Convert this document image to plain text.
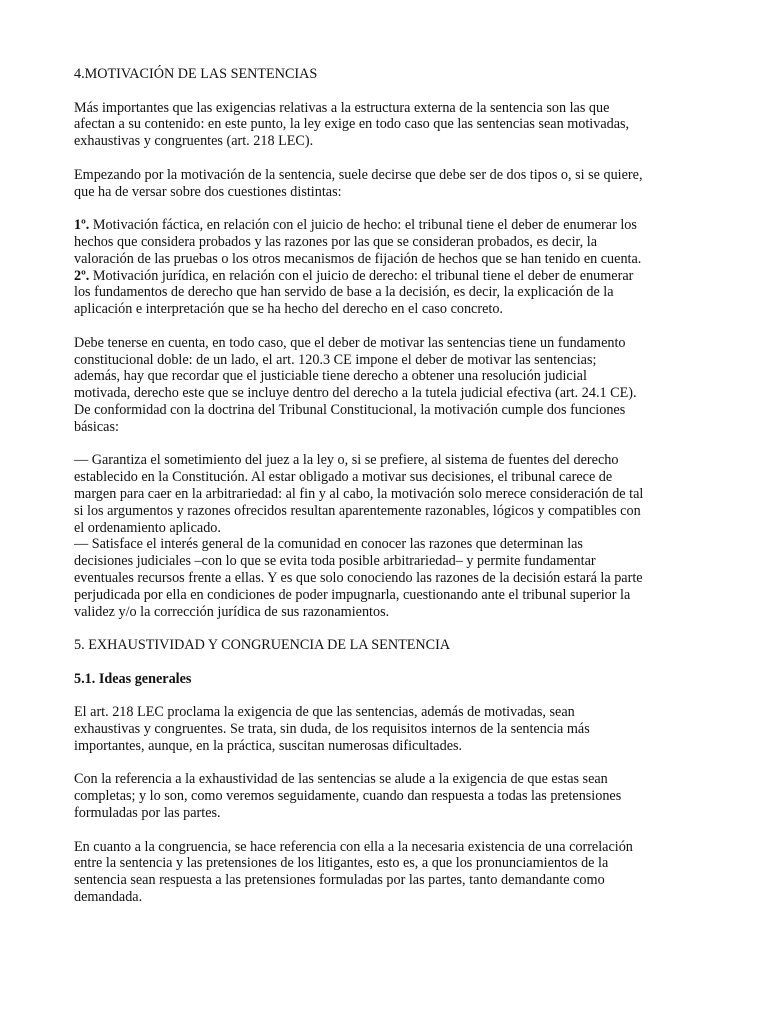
4.MOTIVACIÓN DE LAS SENTENCIAS
Más importantes que las exigencias relativas a la estructura externa de la sentencia son las que
afectan a su contenido: en este punto, la ley exige en todo caso que las sentencias sean motivadas,
exhaustivas y congruentes (art. 218 LEC).
Empezando por la motivación de la sentencia, suele decirse que debe ser de dos tipos o, si se quiere,
que ha de versar sobre dos cuestiones distintas:
1º. Motivación fáctica, en relación con el juicio de hecho: el tribunal tiene el deber de enumerar los
hechos que considera probados y las razones por las que se consideran probados, es decir, la
valoración de las pruebas o los otros mecanismos de fijación de hechos que se han tenido en cuenta.
2º. Motivación jurídica, en relación con el juicio de derecho: el tribunal tiene el deber de enumerar
los fundamentos de derecho que han servido de base a la decisión, es decir, la explicación de la
aplicación e interpretación que se ha hecho del derecho en el caso concreto.
Debe tenerse en cuenta, en todo caso, que el deber de motivar las sentencias tiene un fundamento
constitucional doble: de un lado, el art. 120.3 CE impone el deber de motivar las sentencias;
además, hay que recordar que el justiciable tiene derecho a obtener una resolución judicial
motivada, derecho este que se incluye dentro del derecho a la tutela judicial efectiva (art. 24.1 CE).
De conformidad con la doctrina del Tribunal Constitucional, la motivación cumple dos funciones
básicas:
— Garantiza el sometimiento del juez a la ley o, si se prefiere, al sistema de fuentes del derecho
establecido en la Constitución. Al estar obligado a motivar sus decisiones, el tribunal carece de
margen para caer en la arbitrariedad: al fin y al cabo, la motivación solo merece consideración de tal
si los argumentos y razones ofrecidos resultan aparentemente razonables, lógicos y compatibles con
el ordenamiento aplicado.
— Satisface el interés general de la comunidad en conocer las razones que determinan las
decisiones judiciales –con lo que se evita toda posible arbitrariedad– y permite fundamentar
eventuales recursos frente a ellas. Y es que solo conociendo las razones de la decisión estará la parte
perjudicada por ella en condiciones de poder impugnarla, cuestionando ante el tribunal superior la
validez y/o la corrección jurídica de sus razonamientos.
5. EXHAUSTIVIDAD Y CONGRUENCIA DE LA SENTENCIA
5.1. Ideas generales
El art. 218 LEC proclama la exigencia de que las sentencias, además de motivadas, sean
exhaustivas y congruentes. Se trata, sin duda, de los requisitos internos de la sentencia más
importantes, aunque, en la práctica, suscitan numerosas dificultades.
Con la referencia a la exhaustividad de las sentencias se alude a la exigencia de que estas sean
completas; y lo son, como veremos seguidamente, cuando dan respuesta a todas las pretensiones
formuladas por las partes.
En cuanto a la congruencia, se hace referencia con ella a la necesaria existencia de una correlación
entre la sentencia y las pretensiones de los litigantes, esto es, a que los pronunciamientos de la
sentencia sean respuesta a las pretensiones formuladas por las partes, tanto demandante como
demandada.
